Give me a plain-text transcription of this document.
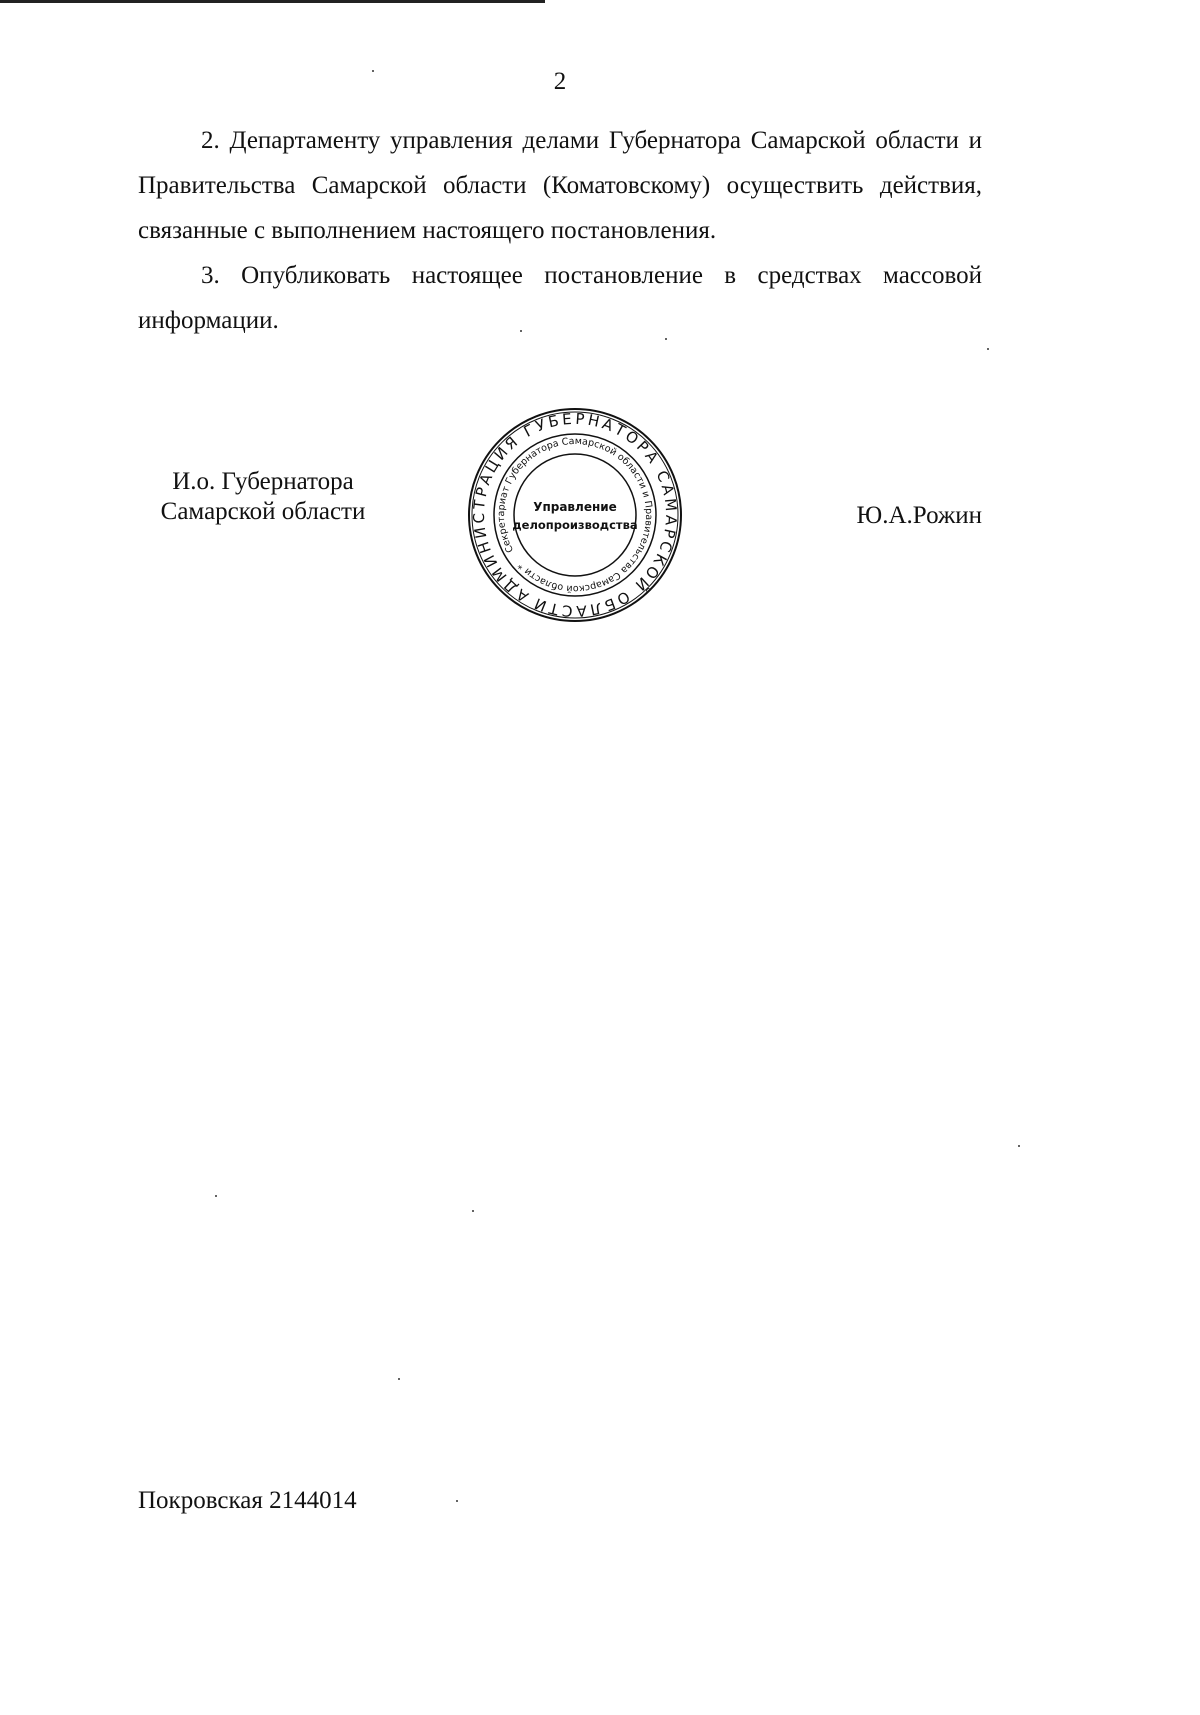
2
2. Департаменту управления делами Губернатора Самарской области и Правительства Самарской области (Коматовскому) осуществить действия, связанные с выполнением настоящего постановления.
3. Опубликовать настоящее постановление в средствах массовой информации.
И.о. Губернатора
Самарской области
АДМИНИСТРАЦИЯ ГУБЕРНАТОРА САМАРСКОЙ ОБЛАСТИ
Секретариат Губернатора Самарской области и Правительства Самарской области *
Управление
делопроизводства	Ю.А.Рожин
Покровская 2144014
